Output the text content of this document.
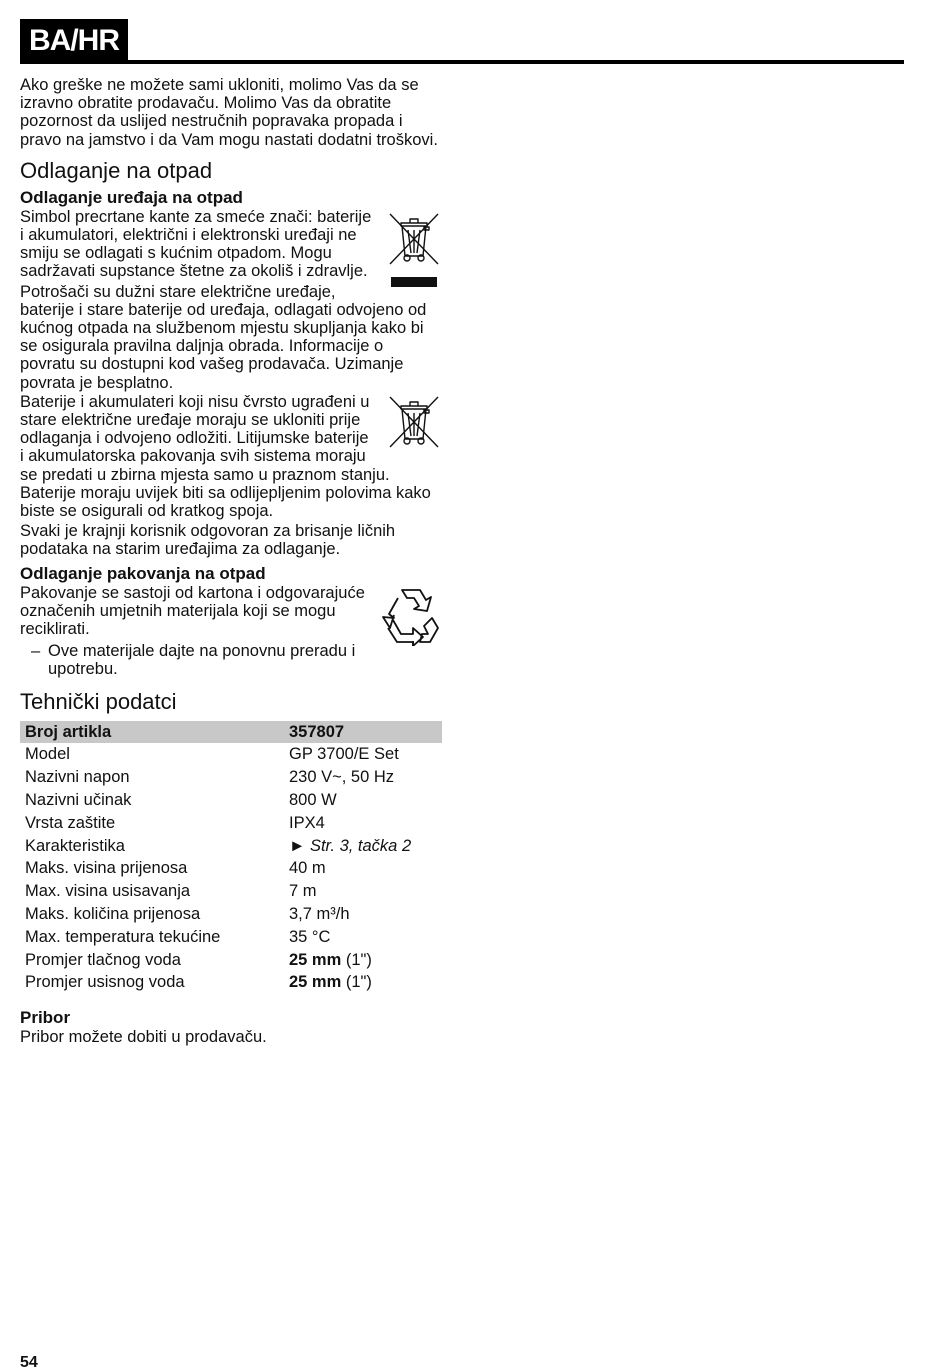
BA/HR

Ako greške ne možete sami ukloniti, molimo Vas da se izravno obratite prodavaču. Molimo Vas da obratite pozornost da uslijed nestručnih popravaka propada i pravo na jamstvo i da Vam mogu nastati dodatni troškovi.

Odlaganje na otpad
Odlaganje uređaja na otpad

Simbol precrtane kante za smeće znači: baterije i akumulatori, električni i elektronski uređaji ne smiju se odlagati s kućnim otpadom. Mogu sadržavati supstance štetne za okoliš i zdravlje.

Potrošači su dužni stare električne uređaje, baterije i stare baterije od uređaja, odlagati odvojeno od kućnog otpada na službenom mjestu skupljanja kako bi se osigurala pravilna daljnja obrada. Informacije o povratu su dostupni kod vašeg prodavača. Uzimanje povrata je besplatno.

Baterije i akumulateri koji nisu čvrsto ugrađeni u stare električne uređaje moraju se ukloniti prije odlaganja i odvojeno odložiti. Litijumske baterije i akumulatorska pakovanja svih sistema moraju se predati u zbirna mjesta samo u praznom stanju. Baterije moraju uvijek biti sa odlijepljenim polovima kako biste se osigurali od kratkog spoja.

Svaki je krajnji korisnik odgovoran za brisanje ličnih podataka na starim uređajima za odlaganje.

Odlaganje pakovanja na otpad

Pakovanje se sastoji od kartona i odgovarajuće označenih umjetnih materijala koji se mogu reciklirati.

– Ove materijale dajte na ponovnu preradu i upotrebu.

Tehnički podatci
Broj artikla	357807
Model	GP 3700/E Set
Nazivni napon	230 V~, 50 Hz
Nazivni učinak	800 W
Vrsta zaštite	IPX4
Karakteristika	► Str. 3, tačka 2
Maks. visina prijenosa	40 m
Max. visina usisavanja	7 m
Maks. količina prijenosa	3,7 m³/h
Max. temperatura tekućine	35 °C
Promjer tlačnog voda	25 mm (1")
Promjer usisnog voda	25 mm (1")
Pribor

Pribor možete dobiti u prodavaču.

54
